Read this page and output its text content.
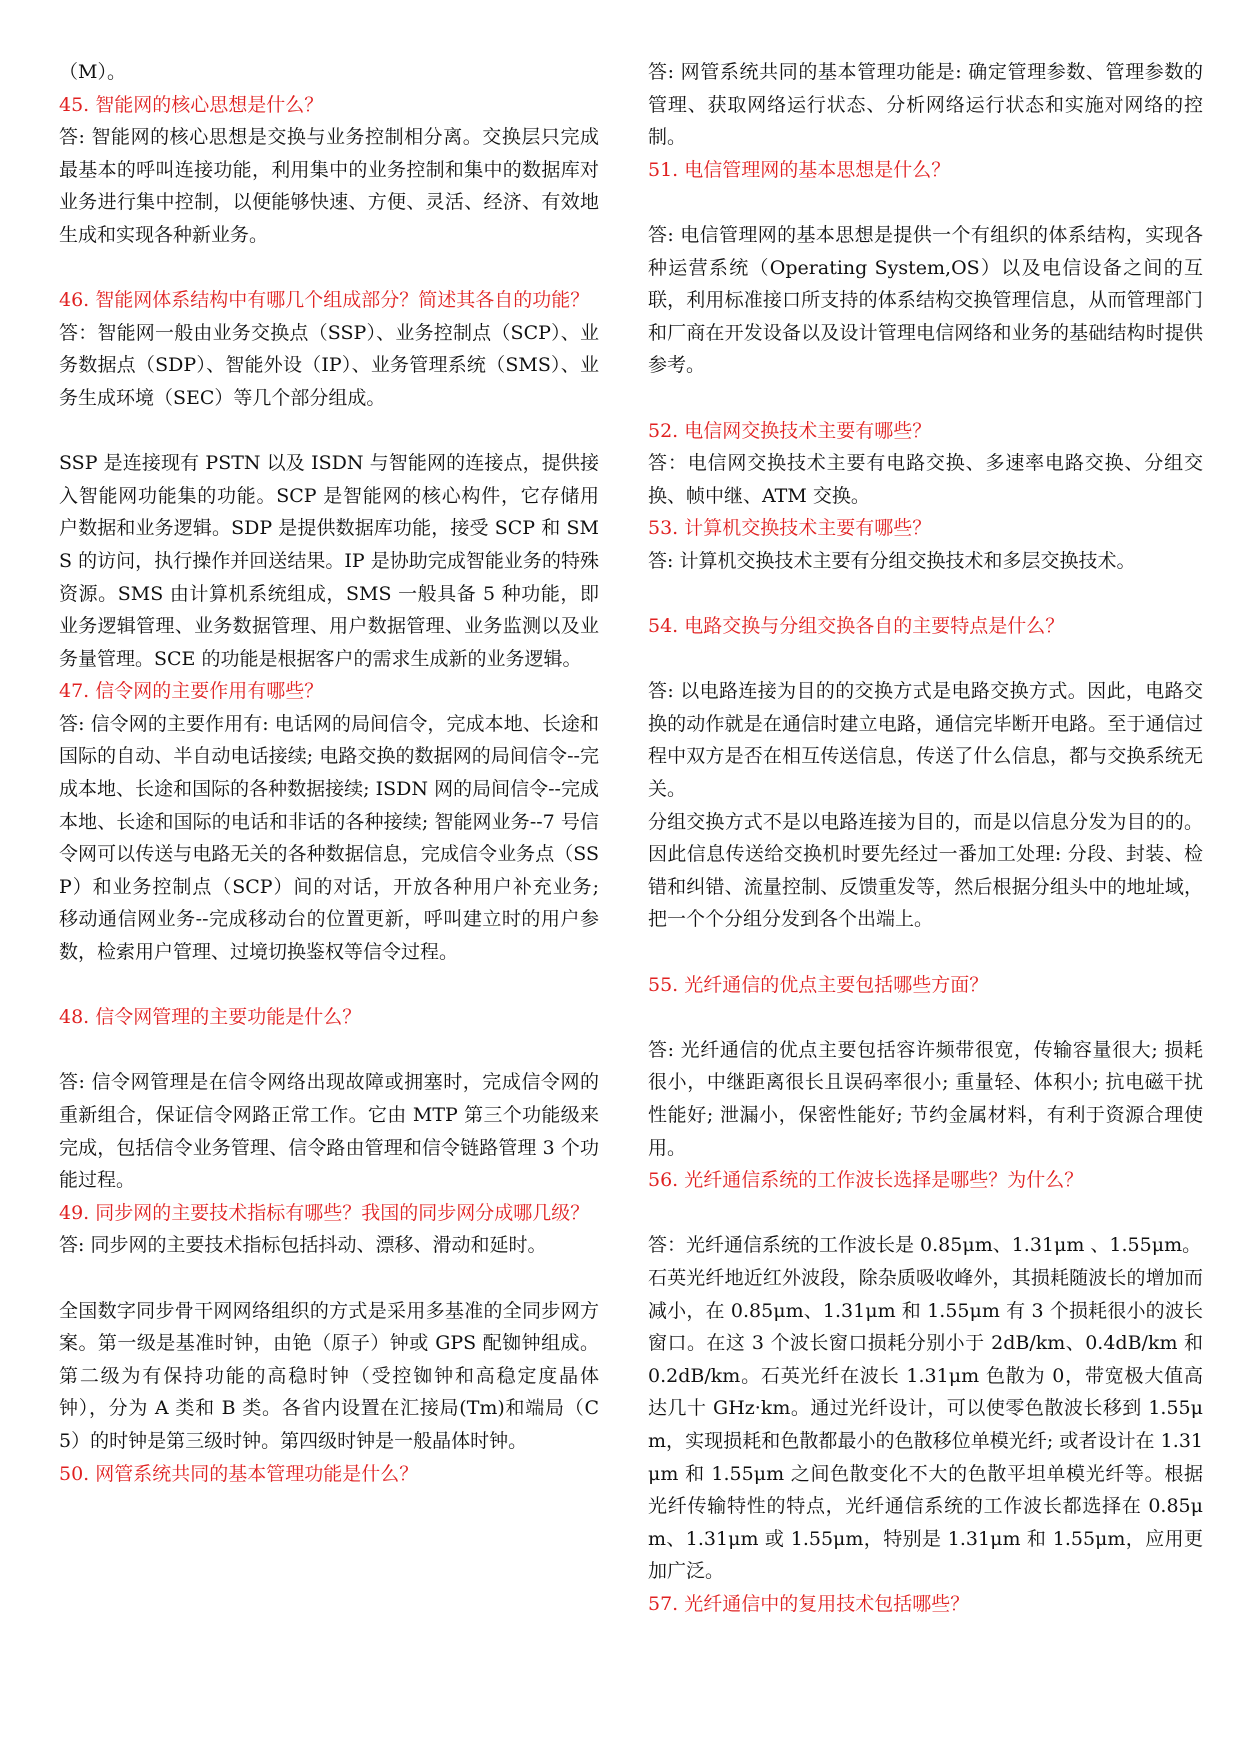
（M）。

45. 智能网的核心思想是什么？

答: 智能网的核心思想是交换与业务控制相分离。交换层只完成最基本的呼叫连接功能，利用集中的业务控制和集中的数据库对业务进行集中控制，以便能够快速、方便、灵活、经济、有效地生成和实现各种新业务。

46. 智能网体系结构中有哪几个组成部分？简述其各自的功能？

答：智能网一般由业务交换点（SSP）、业务控制点（SCP）、业务数据点（SDP）、智能外设（IP）、业务管理系统（SMS）、业务生成环境（SEC）等几个部分组成。

SSP 是连接现有 PSTN 以及 ISDN 与智能网的连接点，提供接入智能网功能集的功能。SCP 是智能网的核心构件，它存储用户数据和业务逻辑。SDP 是提供数据库功能，接受 SCP 和 SMS 的访问，执行操作并回送结果。IP 是协助完成智能业务的特殊资源。SMS 由计算机系统组成，SMS 一般具备 5 种功能，即业务逻辑管理、业务数据管理、用户数据管理、业务监测以及业务量管理。SCE 的功能是根据客户的需求生成新的业务逻辑。

47. 信令网的主要作用有哪些？

答: 信令网的主要作用有: 电话网的局间信令，完成本地、长途和国际的自动、半自动电话接续; 电路交换的数据网的局间信令--完成本地、长途和国际的各种数据接续; ISDN 网的局间信令--完成本地、长途和国际的电话和非话的各种接续; 智能网业务--7 号信令网可以传送与电路无关的各种数据信息，完成信令业务点（SSP）和业务控制点（SCP）间的对话，开放各种用户补充业务; 移动通信网业务--完成移动台的位置更新，呼叫建立时的用户参数，检索用户管理、过境切换鉴权等信令过程。

48. 信令网管理的主要功能是什么？

答: 信令网管理是在信令网络出现故障或拥塞时，完成信令网的重新组合，保证信令网路正常工作。它由 MTP 第三个功能级来完成，包括信令业务管理、信令路由管理和信令链路管理 3 个功能过程。

49. 同步网的主要技术指标有哪些？我国的同步网分成哪几级？

答: 同步网的主要技术指标包括抖动、漂移、滑动和延时。

全国数字同步骨干网网络组织的方式是采用多基准的全同步网方案。第一级是基准时钟，由铯（原子）钟或 GPS 配铷钟组成。第二级为有保持功能的高稳时钟（受控铷钟和高稳定度晶体钟），分为 A 类和 B 类。各省内设置在汇接局(Tm)和端局（C5）的时钟是第三级时钟。第四级时钟是一般晶体时钟。

50. 网管系统共同的基本管理功能是什么？

答: 网管系统共同的基本管理功能是: 确定管理参数、管理参数的管理、获取网络运行状态、分析网络运行状态和实施对网络的控制。

51. 电信管理网的基本思想是什么？

答: 电信管理网的基本思想是提供一个有组织的体系结构，实现各种运营系统（Operating System,OS）以及电信设备之间的互联，利用标准接口所支持的体系结构交换管理信息，从而管理部门和厂商在开发设备以及设计管理电信网络和业务的基础结构时提供参考。

52. 电信网交换技术主要有哪些？

答：电信网交换技术主要有电路交换、多速率电路交换、分组交换、帧中继、ATM 交换。

53. 计算机交换技术主要有哪些？

答: 计算机交换技术主要有分组交换技术和多层交换技术。

54. 电路交换与分组交换各自的主要特点是什么？

答: 以电路连接为目的的交换方式是电路交换方式。因此，电路交换的动作就是在通信时建立电路，通信完毕断开电路。至于通信过程中双方是否在相互传送信息，传送了什么信息，都与交换系统无关。

分组交换方式不是以电路连接为目的，而是以信息分发为目的的。因此信息传送给交换机时要先经过一番加工处理: 分段、封装、检错和纠错、流量控制、反馈重发等，然后根据分组头中的地址域，把一个个分组分发到各个出端上。

55. 光纤通信的优点主要包括哪些方面？

答: 光纤通信的优点主要包括容许频带很宽，传输容量很大; 损耗很小，中继距离很长且误码率很小; 重量轻、体积小; 抗电磁干扰性能好; 泄漏小，保密性能好; 节约金属材料，有利于资源合理使用。

56. 光纤通信系统的工作波长选择是哪些？为什么？

答：光纤通信系统的工作波长是 0.85μm、1.31μm 、1.55μm。

石英光纤地近红外波段，除杂质吸收峰外，其损耗随波长的增加而减小，在 0.85μm、1.31μm 和 1.55μm 有 3 个损耗很小的波长窗口。在这 3 个波长窗口损耗分别小于 2dB/km、0.4dB/km 和 0.2dB/km。石英光纤在波长 1.31μm 色散为 0，带宽极大值高达几十 GHz·km。通过光纤设计，可以使零色散波长移到 1.55μm，实现损耗和色散都最小的色散移位单模光纤; 或者设计在 1.31μm 和 1.55μm 之间色散变化不大的色散平坦单模光纤等。根据光纤传输特性的特点，光纤通信系统的工作波长都选择在 0.85μm、1.31μm 或 1.55μm，特别是 1.31μm 和 1.55μm，应用更加广泛。

57. 光纤通信中的复用技术包括哪些？
